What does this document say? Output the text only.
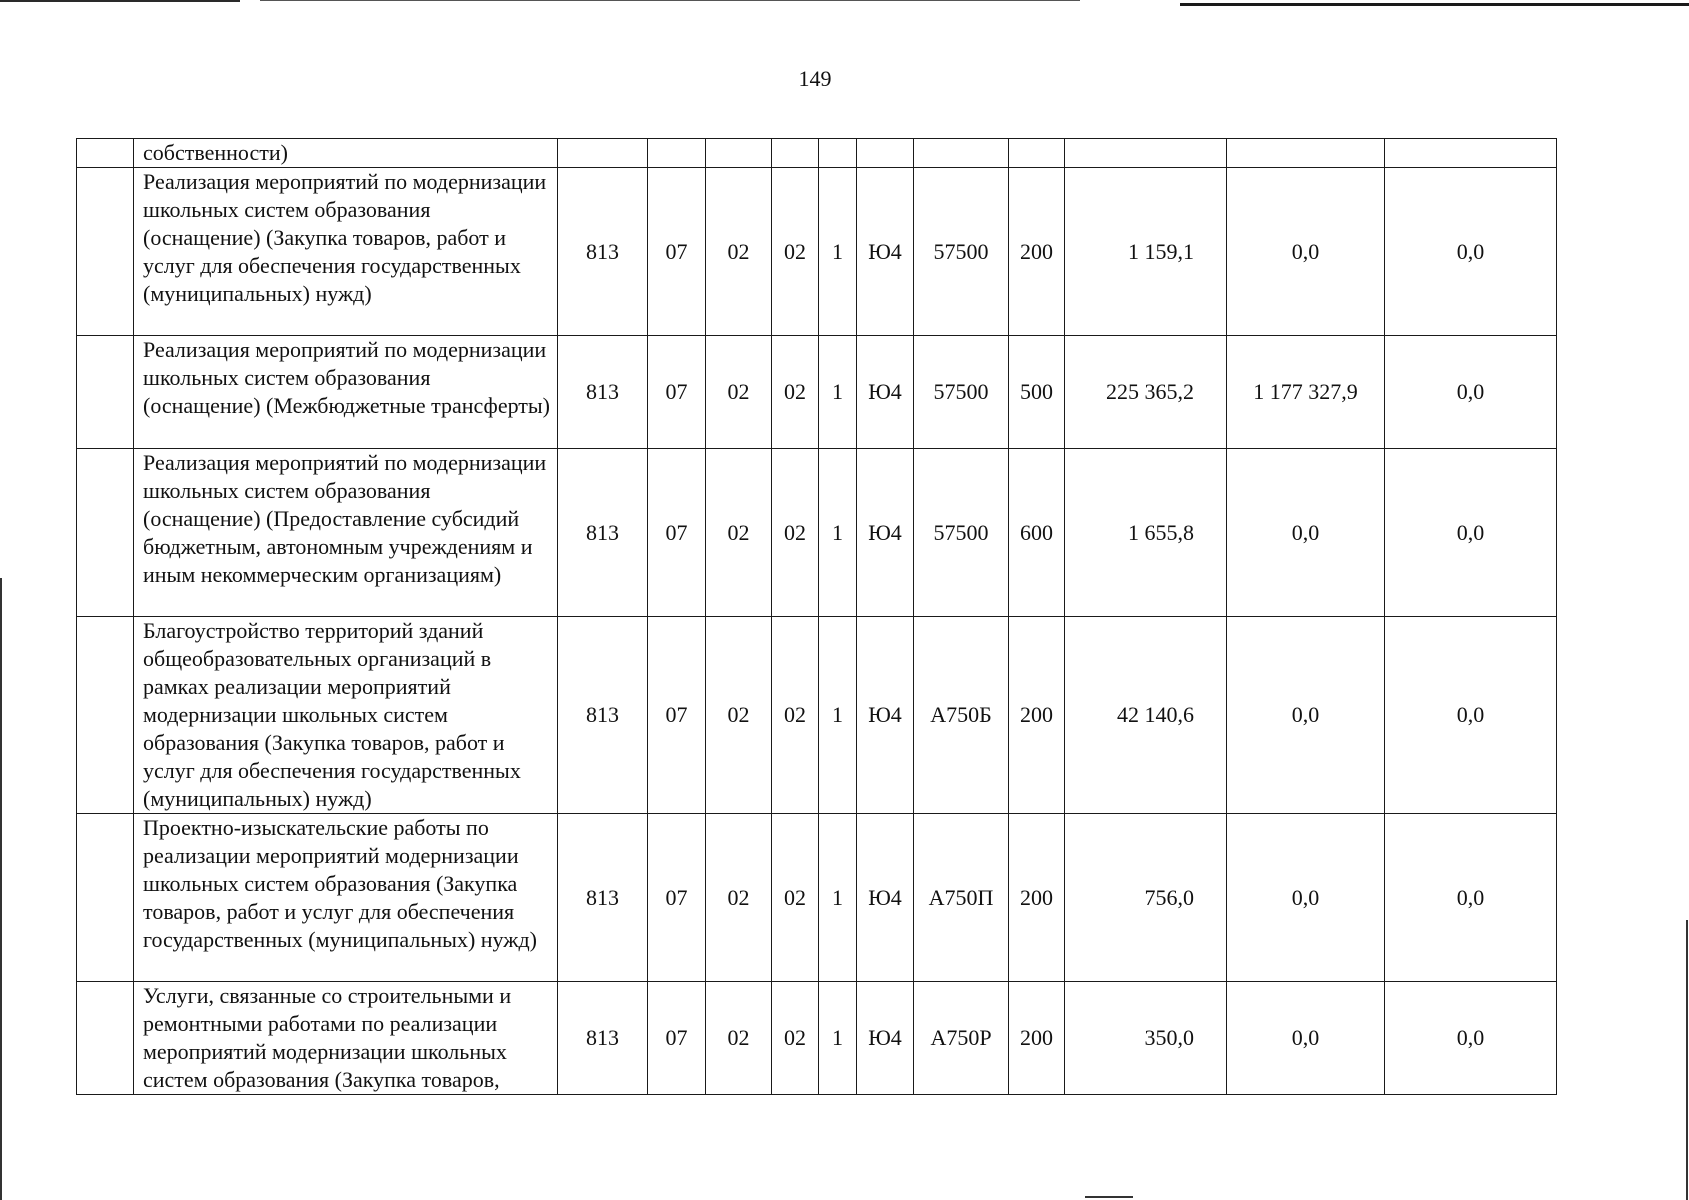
149
	собственности)											
	Реализация мероприятий по модернизации школьных систем образования (оснащение) (Закупка товаров, работ и услуг для обеспечения государственных (муниципальных) нужд)	813	07	02	02	1	Ю4	57500	200	1 159,1	0,0	0,0
	Реализация мероприятий по модернизации школьных систем образования (оснащение) (Межбюджетные трансферты)	813	07	02	02	1	Ю4	57500	500	225 365,2	1 177 327,9	0,0
	Реализация мероприятий по модернизации школьных систем образования (оснащение) (Предоставление субсидий бюджетным, автономным учреждениям и иным некоммерческим организациям)	813	07	02	02	1	Ю4	57500	600	1 655,8	0,0	0,0
	Благоустройство территорий зданий общеобразовательных организаций в рамках реализации мероприятий модернизации школьных систем образования (Закупка товаров, работ и услуг для обеспечения государственных (муниципальных) нужд)	813	07	02	02	1	Ю4	А750Б	200	42 140,6	0,0	0,0
	Проектно-изыскательские работы по реализации мероприятий модернизации школьных систем образования (Закупка товаров, работ и услуг для обеспечения государственных (муниципальных) нужд)	813	07	02	02	1	Ю4	А750П	200	756,0	0,0	0,0
	Услуги, связанные со строительными и ремонтными работами по реализации мероприятий модернизации школьных систем образования (Закупка товаров,	813	07	02	02	1	Ю4	А750Р	200	350,0	0,0	0,0
